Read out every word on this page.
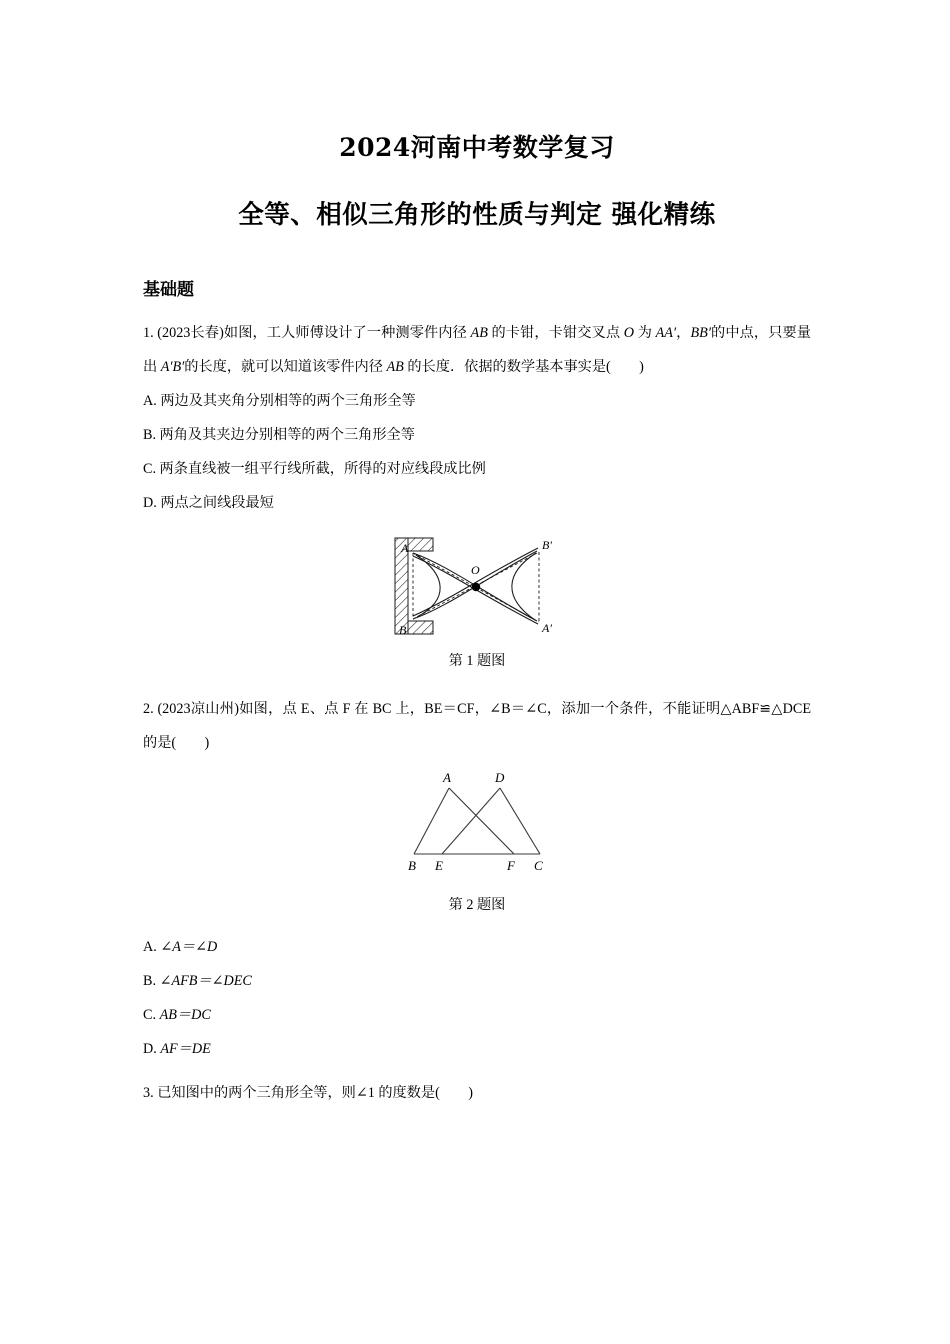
2024河南中考数学复习
全等、相似三角形的性质与判定 强化精练
基础题
1. (2023长春)如图，工人师傅设计了一种测零件内径 AB 的卡钳，卡钳交叉点 O 为 AA′，BB′的中点，只要量出 A′B′的长度，就可以知道该零件内径 AB 的长度．依据的数学基本事实是(　　)
A. 两边及其夹角分别相等的两个三角形全等
B. 两角及其夹边分别相等的两个三角形全等
C. 两条直线被一组平行线所截，所得的对应线段成比例
D. 两点之间线段最短
A
B
O
B′
A′
第 1 题图
2. (2023凉山州)如图，点 E、点 F 在 BC 上，BE＝CF，∠B＝∠C，添加一个条件，不能证明△ABF≌△DCE 的是(　　)
A	D
B E	F C
第 2 题图
A. ∠A＝∠D
B. ∠AFB＝∠DEC
C. AB＝DC
D. AF＝DE
3. 已知图中的两个三角形全等，则∠1 的度数是(　　)
